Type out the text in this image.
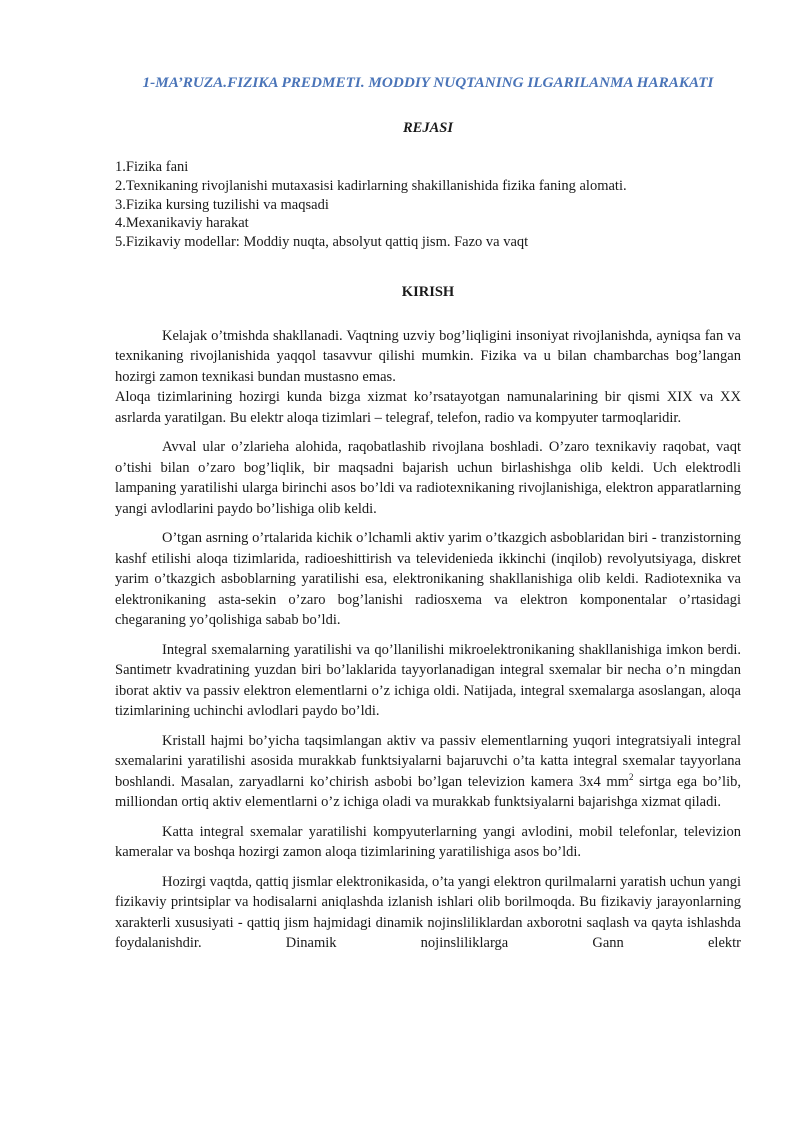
1-MA’RUZA.FIZIKA PREDMETI. MODDIY NUQTANING ILGARILANMA HARAKATI
REJASI
1.Fizika fani
2.Texnikaning rivojlanishi mutaxasisi kadirlarning shakillanishida fizika faning alomati.
3.Fizika kursing tuzilishi va maqsadi
4.Mexanikaviy harakat
5.Fizikaviy modellar: Moddiy nuqta, absolyut qattiq jism. Fazo va vaqt
KIRISH

Kelajak o’tmishda shakllanadi. Vaqtning uzviy bog’liqligini insoniyat rivojlanishda, ayniqsa fan va texnikaning rivojlanishida yaqqol tasavvur qilishi mumkin. Fizika va u bilan chambarchas bog’langan hozirgi zamon texnikasi bundan mustasno emas.

Aloqa tizimlarining hozirgi kunda bizga xizmat ko’rsatayotgan namunalarining bir qismi XIX va XX asrlarda yaratilgan. Bu elektr aloqa tizimlari – telegraf, telefon, radio va kompyuter tarmoqlaridir.

Avval ular o’zlarieha alohida, raqobatlashib rivojlana boshladi. O’zaro texnikaviy raqobat, vaqt o’tishi bilan o’zaro bog’liqlik, bir maqsadni bajarish uchun birlashishga olib keldi. Uch elektrodli lampaning yaratilishi ularga birinchi asos bo’ldi va radiotexnikaning rivojlanishiga, elektron apparatlarning yangi avlodlarini paydo bo’lishiga olib keldi.

O’tgan asrning o’rtalarida kichik o’lchamli aktiv yarim o’tkazgich asboblaridan biri - tranzistorning kashf etilishi aloqa tizimlarida, radioeshittirish va televidenieda ikkinchi (inqilob) revolyutsiyaga, diskret yarim o’tkazgich asboblarning yaratilishi esa, elektronikaning shakllanishiga olib keldi. Radiotexnika va elektronikaning asta-sekin o’zaro bog’lanishi radiosxema va elektron komponentalar o’rtasidagi chegaraning yo’qolishiga sabab bo’ldi.

Integral sxemalarning yaratilishi va qo’llanilishi mikroelektronikaning shakllanishiga imkon berdi. Santimetr kvadratining yuzdan biri bo’laklarida tayyorlanadigan integral sxemalar bir necha o’n mingdan iborat aktiv va passiv elektron elementlarni o’z ichiga oldi. Natijada, integral sxemalarga asoslangan, aloqa tizimlarining uchinchi avlodlari paydo bo’ldi.

Kristall hajmi bo’yicha taqsimlangan aktiv va passiv elementlarning yuqori integratsiyali integral sxemalarini yaratilishi asosida murakkab funktsiyalarni bajaruvchi o’ta katta integral sxemalar tayyorlana boshlandi. Masalan, zaryadlarni ko’chirish asbobi bo’lgan televizion kamera 3x4 $mm^2$ sirtga ega bo’lib, milliondan ortiq aktiv elementlarni o’z ichiga oladi va murakkab funktsiyalarni bajarishga xizmat qiladi.

Katta integral sxemalar yaratilishi kompyuterlarning yangi avlodini, mobil telefonlar, televizion kameralar va boshqa hozirgi zamon aloqa tizimlarining yaratilishiga asos bo’ldi.

Hozirgi vaqtda, qattiq jismlar elektronikasida, o’ta yangi elektron qurilmalarni yaratish uchun yangi fizikaviy printsiplar va hodisalarni aniqlashda izlanish ishlari olib borilmoqda. Bu fizikaviy jarayonlarning xarakterli xususiyati - qattiq jism hajmidagi dinamik nojinsliliklardan axborotni saqlash va qayta ishlashda foydalanishdir. Dinamik nojinsliliklarga Gann elektr
